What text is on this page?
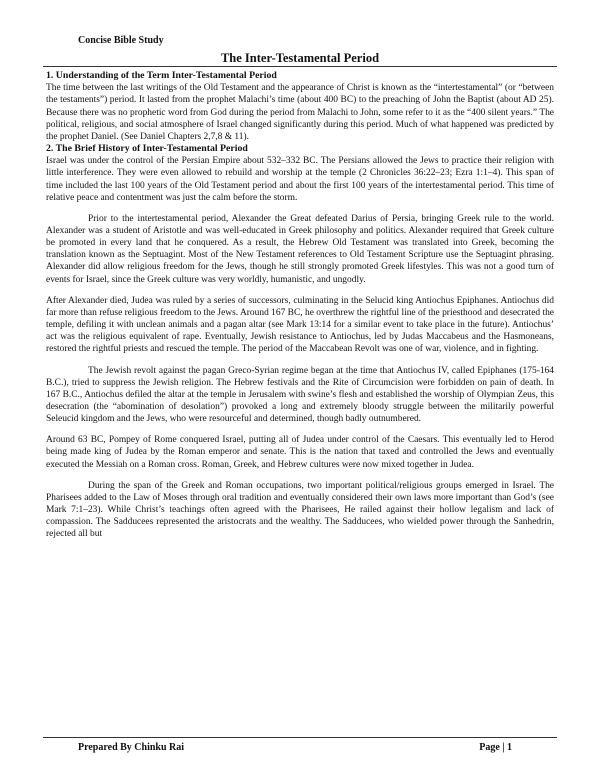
Concise Bible Study
The Inter-Testamental Period
1. Understanding of the Term Inter-Testamental Period

The time between the last writings of the Old Testament and the appearance of Christ is known as the “intertestamental” (or “between the testaments”) period. It lasted from the prophet Malachi’s time (about 400 BC) to the preaching of John the Baptist (about AD 25). Because there was no prophetic word from God during the period from Malachi to John, some refer to it as the “400 silent years.” The political, religious, and social atmosphere of Israel changed significantly during this period. Much of what happened was predicted by the prophet Daniel. (See Daniel Chapters 2,7,8 & 11).

2. The Brief History of Inter-Testamental Period

Israel was under the control of the Persian Empire about 532–332 BC. The Persians allowed the Jews to practice their religion with little interference. They were even allowed to rebuild and worship at the temple (2 Chronicles 36:22–23; Ezra 1:1–4). This span of time included the last 100 years of the Old Testament period and about the first 100 years of the intertestamental period. This time of relative peace and contentment was just the calm before the storm.

Prior to the intertestamental period, Alexander the Great defeated Darius of Persia, bringing Greek rule to the world. Alexander was a student of Aristotle and was well-educated in Greek philosophy and politics. Alexander required that Greek culture be promoted in every land that he conquered. As a result, the Hebrew Old Testament was translated into Greek, becoming the translation known as the Septuagint. Most of the New Testament references to Old Testament Scripture use the Septuagint phrasing. Alexander did allow religious freedom for the Jews, though he still strongly promoted Greek lifestyles. This was not a good turn of events for Israel, since the Greek culture was very worldly, humanistic, and ungodly.

After Alexander died, Judea was ruled by a series of successors, culminating in the Selucid king Antiochus Epiphanes. Antiochus did far more than refuse religious freedom to the Jews. Around 167 BC, he overthrew the rightful line of the priesthood and desecrated the temple, defiling it with unclean animals and a pagan altar (see Mark 13:14 for a similar event to take place in the future). Antiochus’ act was the religious equivalent of rape. Eventually, Jewish resistance to Antiochus, led by Judas Maccabeus and the Hasmoneans, restored the rightful priests and rescued the temple. The period of the Maccabean Revolt was one of war, violence, and in fighting.

The Jewish revolt against the pagan Greco-Syrian regime began at the time that Antiochus IV, called Epiphanes (175-164 B.C.), tried to suppress the Jewish religion. The Hebrew festivals and the Rite of Circumcision were forbidden on pain of death. In 167 B.C., Antiochus defiled the altar at the temple in Jerusalem with swine’s flesh and established the worship of Olympian Zeus, this desecration (the “abomination of desolation”) provoked a long and extremely bloody struggle between the militarily powerful Seleucid kingdom and the Jews, who were resourceful and determined, though badly outnumbered.

Around 63 BC, Pompey of Rome conquered Israel, putting all of Judea under control of the Caesars. This eventually led to Herod being made king of Judea by the Roman emperor and senate. This is the nation that taxed and controlled the Jews and eventually executed the Messiah on a Roman cross. Roman, Greek, and Hebrew cultures were now mixed together in Judea.

During the span of the Greek and Roman occupations, two important political/religious groups emerged in Israel. The Pharisees added to the Law of Moses through oral tradition and eventually considered their own laws more important than God’s (see Mark 7:1–23). While Christ’s teachings often agreed with the Pharisees, He railed against their hollow legalism and lack of compassion. The Sadducees represented the aristocrats and the wealthy. The Sadducees, who wielded power through the Sanhedrin, rejected all but

Prepared By Chinku Rai	Page | 1
